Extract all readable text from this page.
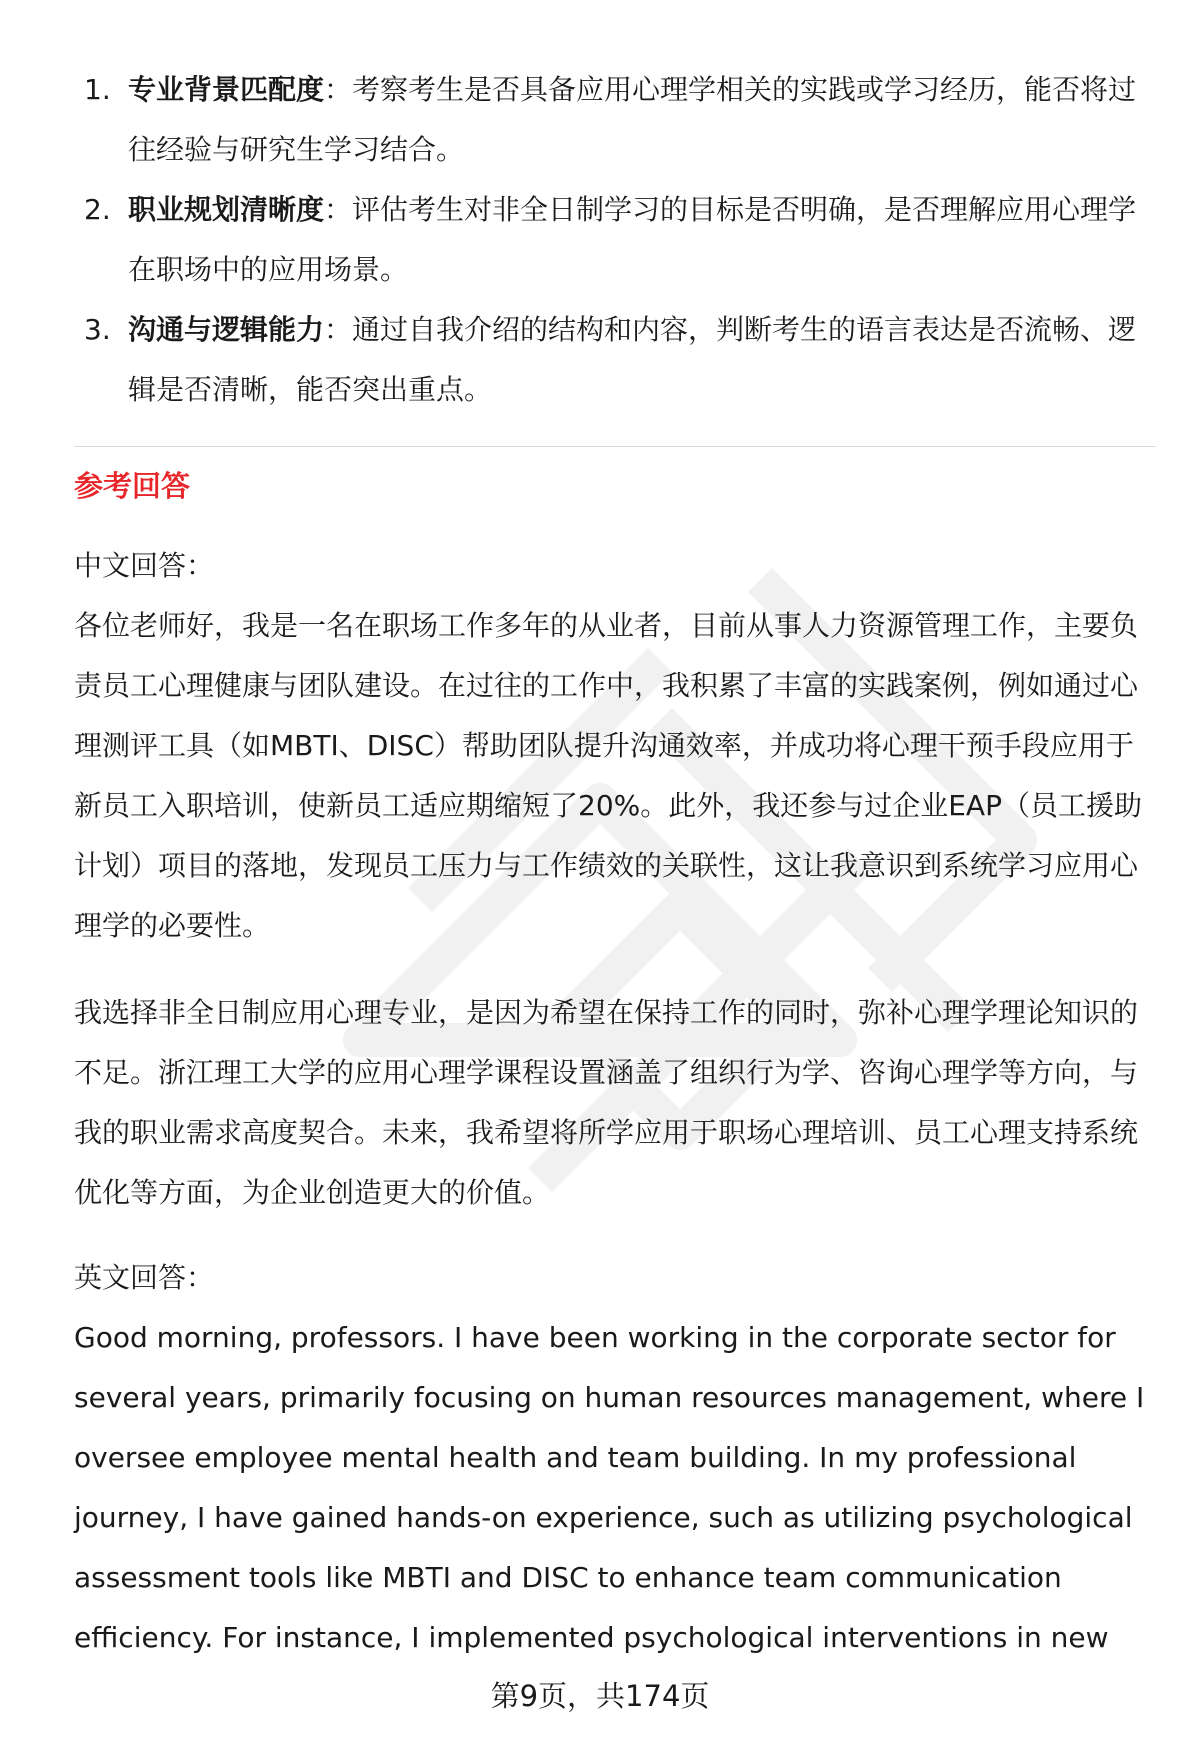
1. 专业背景匹配度：考察考生是否具备应用心理学相关的实践或学习经历，能否将过往经验与研究生学习结合。
2. 职业规划清晰度：评估考生对非全日制学习的目标是否明确，是否理解应用心理学在职场中的应用场景。
3. 沟通与逻辑能力：通过自我介绍的结构和内容，判断考生的语言表达是否流畅、逻辑是否清晰，能否突出重点。
参考回答
中文回答：

各位老师好，我是一名在职场工作多年的从业者，目前从事人力资源管理工作，主要负责员工心理健康与团队建设。在过往的工作中，我积累了丰富的实践案例，例如通过心理测评工具（如MBTI、DISC）帮助团队提升沟通效率，并成功将心理干预手段应用于新员工入职培训，使新员工适应期缩短了20%。此外，我还参与过企业EAP（员工援助计划）项目的落地，发现员工压力与工作绩效的关联性，这让我意识到系统学习应用心理学的必要性。

我选择非全日制应用心理专业，是因为希望在保持工作的同时，弥补心理学理论知识的不足。浙江理工大学的应用心理学课程设置涵盖了组织行为学、咨询心理学等方向，与我的职业需求高度契合。未来，我希望将所学应用于职场心理培训、员工心理支持系统优化等方面，为企业创造更大的价值。

英文回答：

Good morning, professors. I have been working in the corporate sector for several years, primarily focusing on human resources management, where I oversee employee mental health and team building. In my professional journey, I have gained hands-on experience, such as utilizing psychological assessment tools like MBTI and DISC to enhance team communication efficiency. For instance, I implemented psychological interventions in new

第9页，共174页
